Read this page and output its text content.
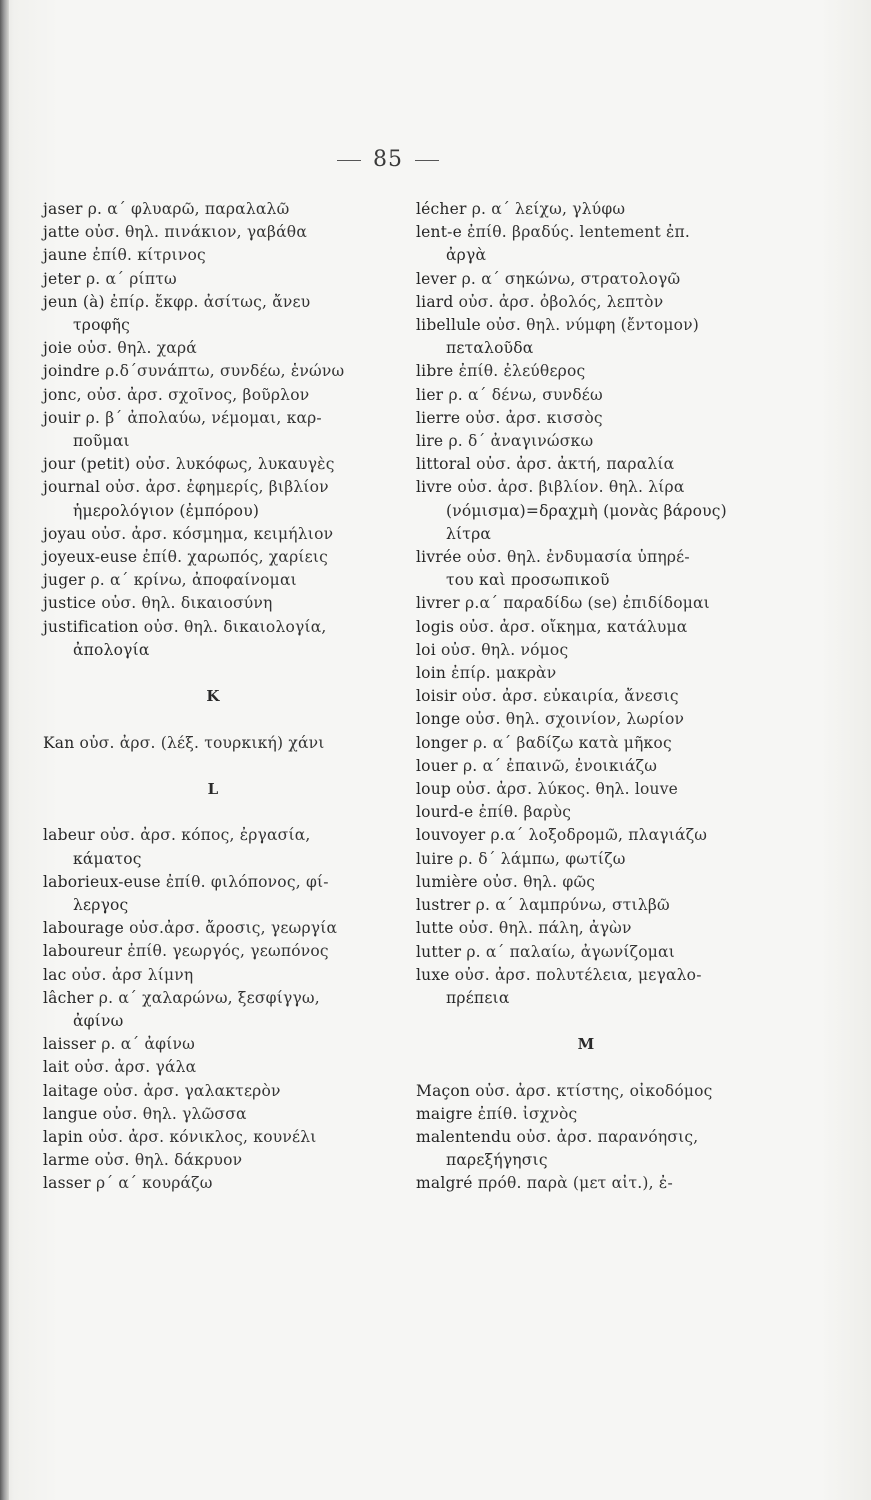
85

jaser ρ. α΄ φλυαρῶ, παραλαλῶ

jatte οὐσ. θηλ. πινάκιον, γαβάθα

jaune ἐπίθ. κίτρινος

jeter ρ. α΄ ρίπτω

jeun (à) ἐπίρ. ἔκφρ. ἀσίτως, ἄνευ

τροφῆς

joie οὐσ. θηλ. χαρά

joindre ρ.δ΄συνάπτω, συνδέω, ἑνώνω

jonc, οὐσ. ἀρσ. σχοῖνος, βοῦρλον

jouir ρ. β΄ ἀπολαύω, νέμομαι, καρ-

ποῦμαι

jour (petit) οὐσ. λυκόφως, λυκαυγὲς

journal οὐσ. ἀρσ. ἐφημερίς, βιβλίον

ἡμερολόγιον (ἐμπόρου)

joyau οὐσ. ἀρσ. κόσμημα, κειμήλιον

joyeux-euse ἐπίθ. χαρωπός, χαρίεις

juger ρ. α΄ κρίνω, ἀποφαίνομαι

justice οὐσ. θηλ. δικαιοσύνη

justification οὐσ. θηλ. δικαιολογία,

ἀπολογία

K

Kan οὐσ. ἀρσ. (λέξ. τουρκική) χάνι

L

labeur οὐσ. ἀρσ. κόπος, ἐργασία,

κάματος

laborieux-euse ἐπίθ. φιλόπονος, φί-

λεργος

labourage οὐσ.ἀρσ. ἄροσις, γεωργία

laboureur ἐπίθ. γεωργός, γεωπόνος

lac οὐσ. ἀρσ λίμνη

lâcher ρ. α΄ χαλαρώνω, ξεσφίγγω,

ἀφίνω

laisser ρ. α΄ ἀφίνω

lait οὐσ. ἀρσ. γάλα

laitage οὐσ. ἀρσ. γαλακτερὸν

langue οὐσ. θηλ. γλῶσσα

lapin οὐσ. ἀρσ. κόνικλος, κουνέλι

larme οὐσ. θηλ. δάκρυον

lasser ρ΄ α΄ κουράζω

lécher ρ. α΄ λείχω, γλύφω

lent-e ἐπίθ. βραδύς. lentement ἐπ.

ἀργὰ

lever ρ. α΄ σηκώνω, στρατολογῶ

liard οὐσ. ἀρσ. ὀβολός, λεπτὸν

libellule οὐσ. θηλ. νύμφη (ἔντομον)

πεταλοῦδα

libre ἐπίθ. ἐλεύθερος

lier ρ. α΄ δένω, συνδέω

lierre οὐσ. ἀρσ. κισσὸς

lire ρ. δ΄ ἀναγινώσκω

littoral οὐσ. ἀρσ. ἀκτή, παραλία

livre οὐσ. ἀρσ. βιβλίον. θηλ. λίρα

(νόμισμα)=δραχμὴ (μονὰς βάρους)

λίτρα

livrée οὐσ. θηλ. ἐνδυμασία ὑπηρέ-

του καὶ προσωπικοῦ

livrer ρ.α΄ παραδίδω (se) ἐπιδίδομαι

logis οὐσ. ἀρσ. οἴκημα, κατάλυμα

loi οὐσ. θηλ. νόμος

loin ἐπίρ. μακρὰν

loisir οὐσ. ἀρσ. εὐκαιρία, ἄνεσις

longe οὐσ. θηλ. σχοινίον, λωρίον

longer ρ. α΄ βαδίζω κατὰ μῆκος

louer ρ. α΄ ἐπαινῶ, ἐνοικιάζω

loup οὐσ. ἀρσ. λύκος. θηλ. louve

lourd-e ἐπίθ. βαρὺς

louvoyer ρ.α΄ λοξοδρομῶ, πλαγιάζω

luire ρ. δ΄ λάμπω, φωτίζω

lumière οὐσ. θηλ. φῶς

lustrer ρ. α΄ λαμπρύνω, στιλβῶ

lutte οὐσ. θηλ. πάλη, ἀγὼν

lutter ρ. α΄ παλαίω, ἀγωνίζομαι

luxe οὐσ. ἀρσ. πολυτέλεια, μεγαλο-

πρέπεια

M

Maçon οὐσ. ἀρσ. κτίστης, οἰκοδόμος

maigre ἐπίθ. ἰσχνὸς

malentendu οὐσ. ἀρσ. παρανόησις,

παρεξήγησις

malgré πρόθ. παρὰ (μετ αἰτ.), ἐ-
